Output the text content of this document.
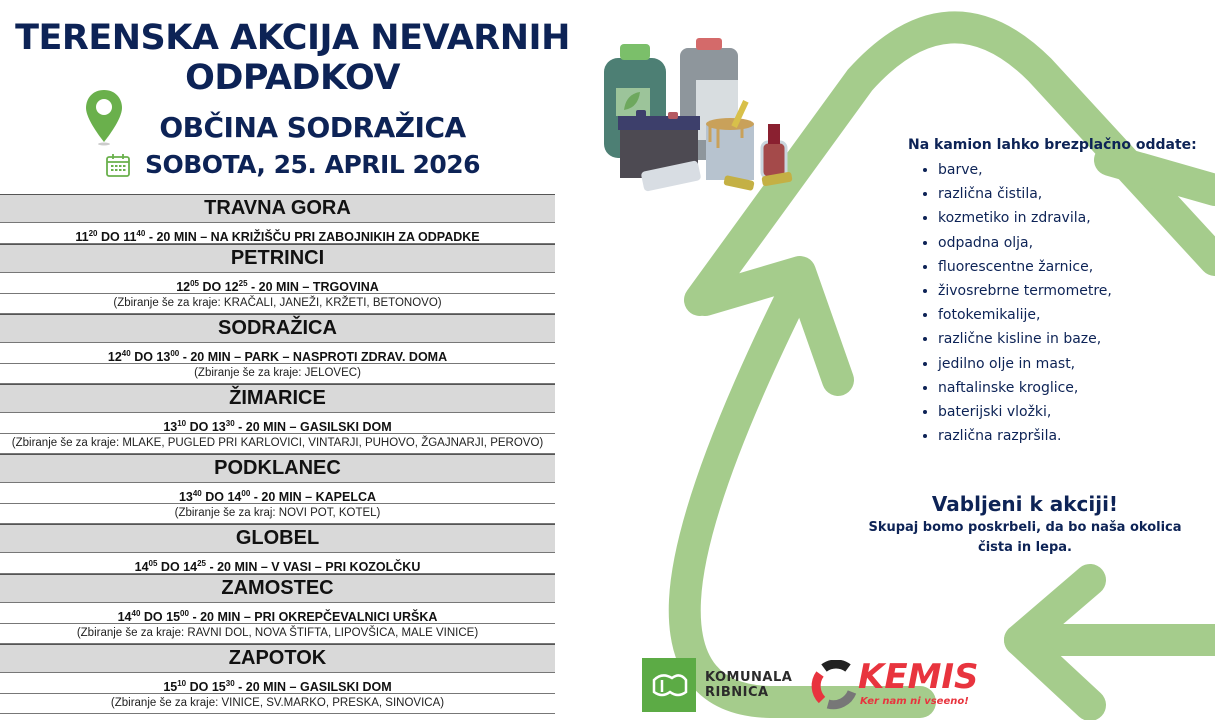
TERENSKA AKCIJA NEVARNIH
ODPADKOV
OBČINA SODRAŽICA
SOBOTA, 25. APRIL 2026
TRAVNA GORA
$11^{20}$ DO $11^{40} - 20$ MIN – NA KRIŽIŠČU PRI ZABOJNIKIH ZA ODPADKE
PETRINCI
$12^{05}$ DO $12^{25} - 20$ MIN – TRGOVINA
(Zbiranje še za kraje: KRAČALI, JANEŽI, KRŽETI, BETONOVO)
SODRAŽICA
$12^{40}$ DO $13^{00} - 20$ MIN – PARK – NASPROTI ZDRAV. DOMA
(Zbiranje še za kraje: JELOVEC)
ŽIMARICE
$13^{10}$ DO $13^{30} - 20$ MIN – GASILSKI DOM
(Zbiranje še za kraje: MLAKE, PUGLED PRI KARLOVICI, VINTARJI, PUHOVO, ŽGAJNARJI, PEROVO)
PODKLANEC
$13^{40}$ DO $14^{00} - 20$ MIN – KAPELCA
(Zbiranje še za kraj: NOVI POT, KOTEL)
GLOBEL
$14^{05}$ DO $14^{25} - 20$ MIN – V VASI – PRI KOZOLČKU
ZAMOSTEC
$14^{40}$ DO $15^{00} - 20$ MIN – PRI OKREPČEVALNICI URŠKA
(Zbiranje še za kraje: RAVNI DOL, NOVA ŠTIFTA, LIPOVŠICA, MALE VINICE)
ZAPOTOK
$15^{10}$ DO $15^{30} - 20$ MIN – GASILSKI DOM
(Zbiranje še za kraje: VINICE, SV.MARKO, PRESKA, SINOVICA)
Na kamion lahko brezplačno oddate:
• barve,
• različna čistila,
• kozmetiko in zdravila,
• odpadna olja,
• fluorescentne žarnice,
• živosrebrne termometre,
• fotokemikalije,
• različne kisline in baze,
• jedilno olje in mast,
• naftalinske kroglice,
• baterijski vložki,
• različna razpršila.
Vabljeni k akciji!
Skupaj bomo poskrbeli, da bo naša okolica čista in lepa.
KOMUNALA
RIBNICA	KEMIS
Ker nam ni vseeno!
